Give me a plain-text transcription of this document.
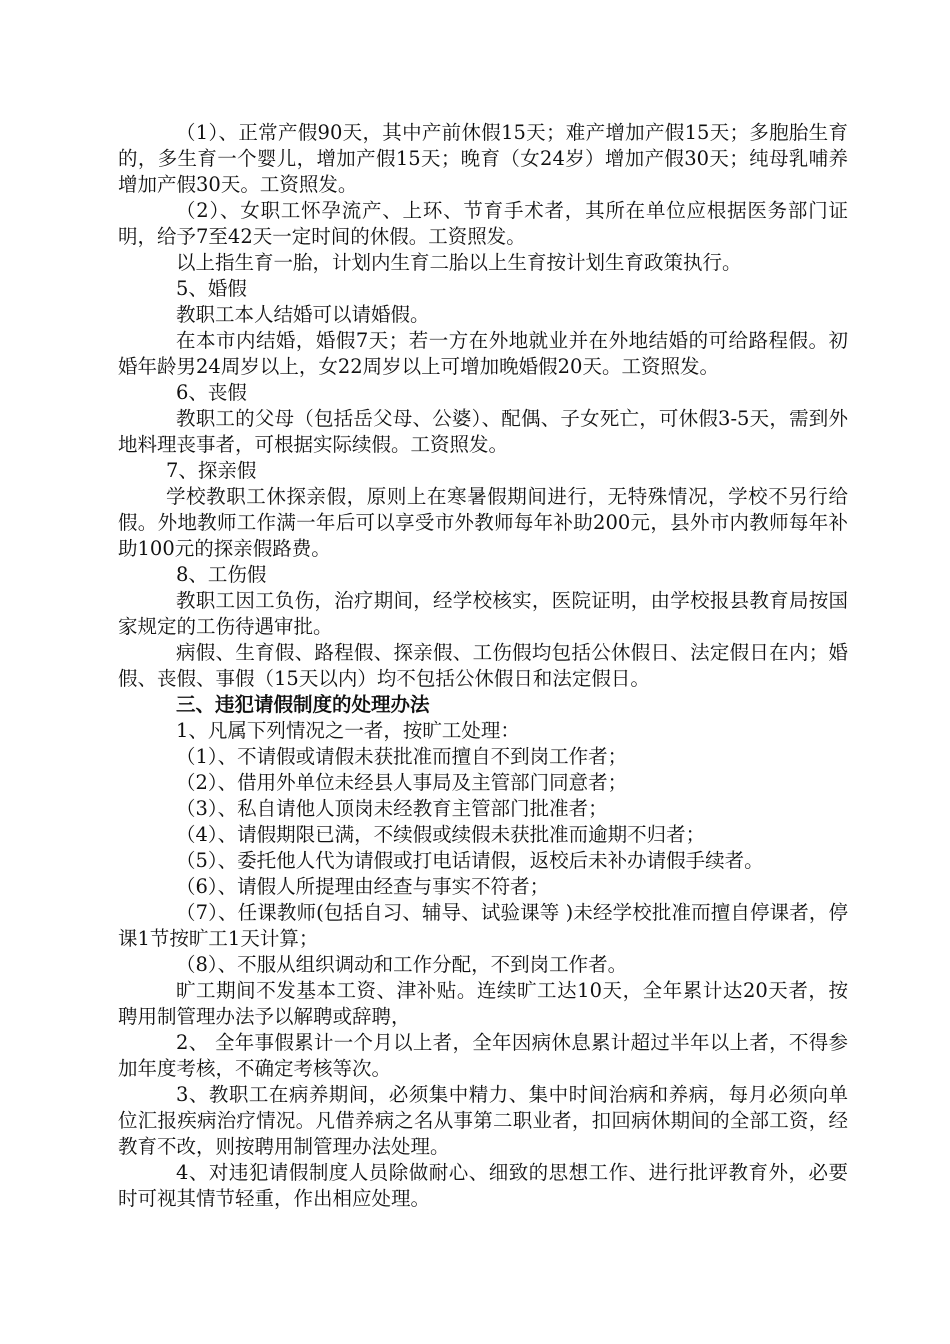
（1）、正常产假90天，其中产前休假15天；难产增加产假15天；多胞胎生育的，多生育一个婴儿，增加产假15天；晚育（女24岁）增加产假30天；纯母乳哺养增加产假30天。工资照发。

（2）、女职工怀孕流产、上环、节育手术者，其所在单位应根据医务部门证明，给予7至42天一定时间的休假。工资照发。

以上指生育一胎，计划内生育二胎以上生育按计划生育政策执行。

5、婚假

教职工本人结婚可以请婚假。

在本市内结婚，婚假7天；若一方在外地就业并在外地结婚的可给路程假。初婚年龄男24周岁以上，女22周岁以上可增加晚婚假20天。工资照发。

6、丧假

教职工的父母（包括岳父母、公婆）、配偶、子女死亡，可休假3-5天，需到外地料理丧事者，可根据实际续假。工资照发。

7、探亲假

学校教职工休探亲假，原则上在寒暑假期间进行，无特殊情况，学校不另行给假。外地教师工作满一年后可以享受市外教师每年补助200元，县外市内教师每年补助100元的探亲假路费。

8、工伤假

教职工因工负伤，治疗期间，经学校核实，医院证明，由学校报县教育局按国家规定的工伤待遇审批。

病假、生育假、路程假、探亲假、工伤假均包括公休假日、法定假日在内；婚假、丧假、事假（15天以内）均不包括公休假日和法定假日。

三、违犯请假制度的处理办法

1、凡属下列情况之一者，按旷工处理：

（1）、不请假或请假未获批准而擅自不到岗工作者；

（2）、借用外单位未经县人事局及主管部门同意者；

（3）、私自请他人顶岗未经教育主管部门批准者；

（4）、请假期限已满，不续假或续假未获批准而逾期不归者；

（5）、委托他人代为请假或打电话请假，返校后未补办请假手续者。

（6）、请假人所提理由经查与事实不符者；

（7）、任课教师(包括自习、辅导、试验课等 )未经学校批准而擅自停课者，停课1节按旷工1天计算；

（8）、不服从组织调动和工作分配，不到岗工作者。

旷工期间不发基本工资、津补贴。连续旷工达10天，全年累计达20天者，按聘用制管理办法予以解聘或辞聘，

2、 全年事假累计一个月以上者，全年因病休息累计超过半年以上者，不得参加年度考核，不确定考核等次。

3、教职工在病养期间，必须集中精力、集中时间治病和养病，每月必须向单位汇报疾病治疗情况。凡借养病之名从事第二职业者，扣回病休期间的全部工资，经教育不改，则按聘用制管理办法处理。

4、对违犯请假制度人员除做耐心、细致的思想工作、进行批评教育外，必要时可视其情节轻重，作出相应处理。
